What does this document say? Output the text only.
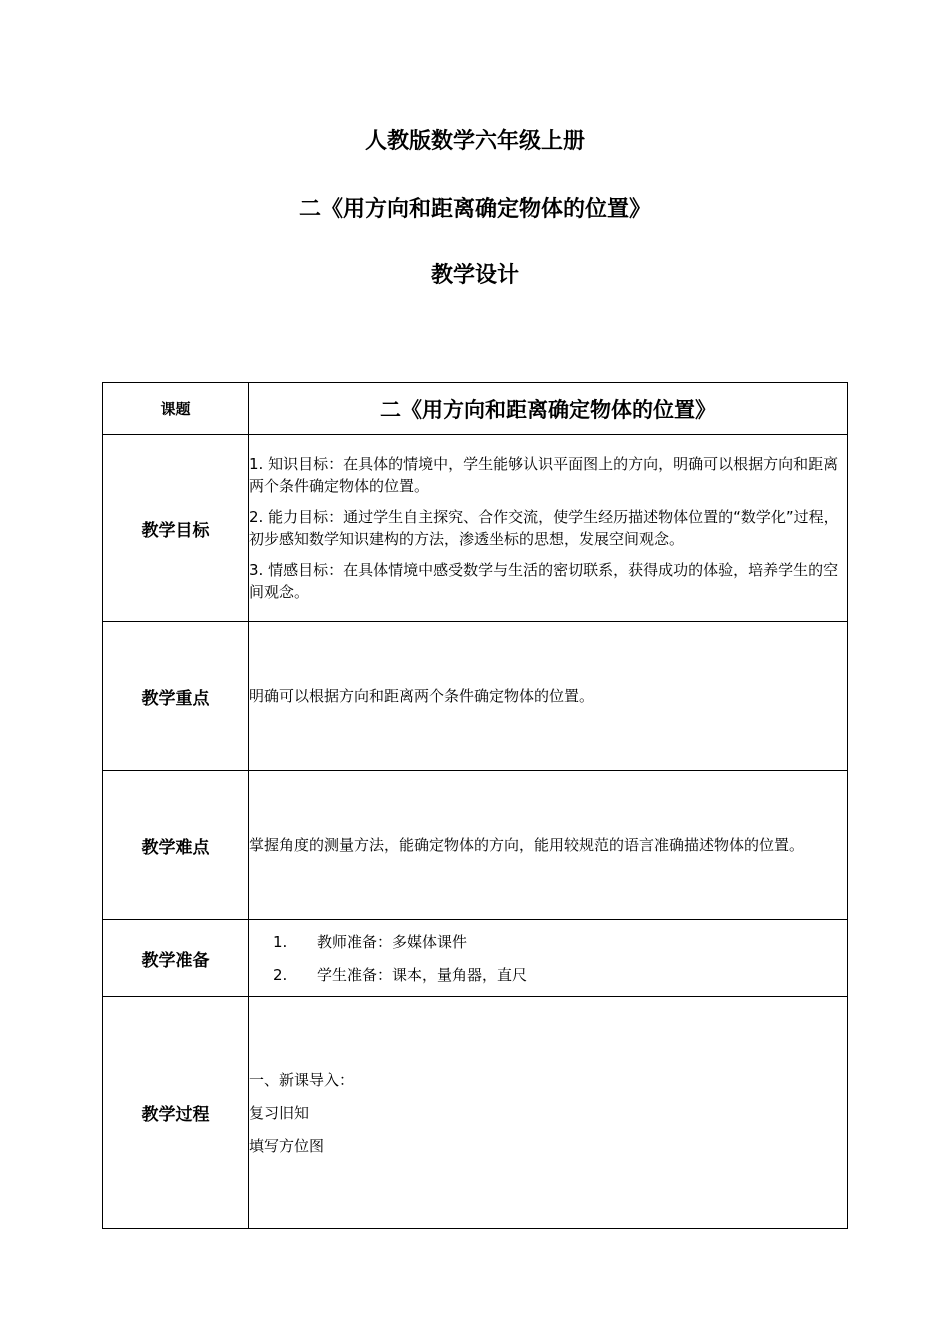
人教版数学六年级上册
二《用方向和距离确定物体的位置》
教学设计
课题	二《用方向和距离确定物体的位置》
教学目标	1. 知识目标：在具体的情境中，学生能够认识平面图上的方向，明确可以根据方向和距离两个条件确定物体的位置。

2. 能力目标：通过学生自主探究、合作交流，使学生经历描述物体位置的“数学化”过程，初步感知数学知识建构的方法，渗透坐标的思想，发展空间观念。

3. 情感目标：在具体情境中感受数学与生活的密切联系，获得成功的体验，培养学生的空间观念。

教学重点	明确可以根据方向和距离两个条件确定物体的位置。
教学难点	掌握角度的测量方法，能确定物体的方向，能用较规范的语言准确描述物体的位置。
教学准备	1. 教师准备：多媒体课件
2. 学生准备：课本，量角器，直尺

教学过程	一、新课导入：

复习旧知

填写方位图
